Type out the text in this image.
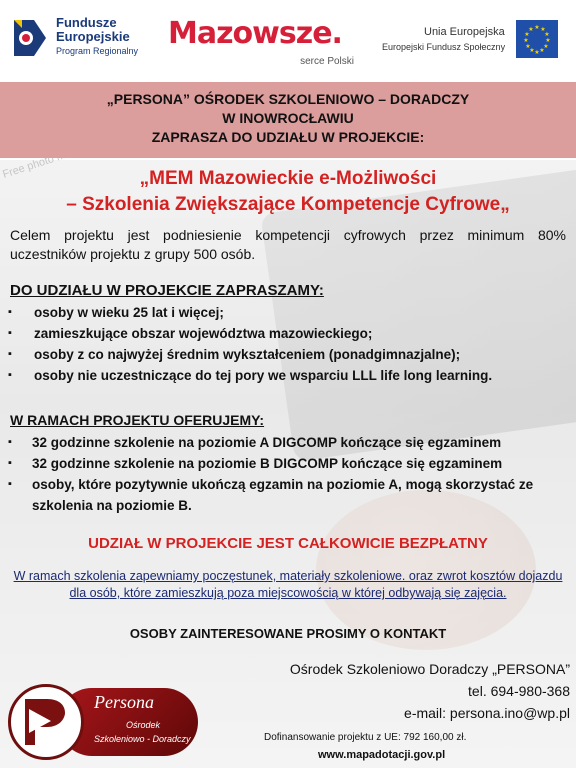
Fundusze
Europejskie
Program Regionalny Mazowsze.
serce Polski
Unia Europejska
Europejski Fundusz Społeczny
★ ★
★
★
★
★
★
★
★
★
★
★

„PERSONA” OŚRODEK SZKOLENIOWO – DORADCZY

W INOWROCŁAWIU

ZAPRASZA DO UDZIAŁU W PROJEKCIE:

„MEM Mazowieckie e-Możliwości
– Szkolenia Zwiększające Kompetencje Cyfrowe„
Celem projektu jest podniesienie kompetencji cyfrowych przez minimum 80% uczestników projektu z grupy 500 osób.
DO UDZIAŁU W PROJEKCIE ZAPRASZAMY:
▪ osoby w wieku 25 lat i więcej;
▪ zamieszkujące obszar województwa mazowieckiego;
▪ osoby z co najwyżej średnim wykształceniem (ponadgimnazjalne);
▪ osoby nie uczestniczące do tej pory we wsparciu LLL life long learning.
W RAMACH PROJEKTU OFERUJEMY:
▪ 32 godzinne szkolenie na poziomie A DIGCOMP kończące się egzaminem
▪ 32 godzinne szkolenie na poziomie B DIGCOMP kończące się egzaminem
▪ osoby, które pozytywnie ukończą egzamin na poziomie A, mogą skorzystać ze szkolenia na poziomie B.
UDZIAŁ W PROJEKCIE JEST CAŁKOWICIE BEZPŁATNY
W ramach szkolenia zapewniamy poczęstunek, materiały szkoleniowe. oraz zwrot kosztów dojazdu dla osób, które zamieszkują poza miejscowością w której odbywają się zajęcia.
OSOBY ZAINTERESOWANE PROSIMY O KONTAKT
Ośrodek Szkoleniowo Doradczy „PERSONA”
tel. 694-980-368
e-mail: persona.ino@wp.pl
Dofinansowanie projektu z UE: 792 160,00 zł.
www.mapadotacji.gov.pl
Persona
Ośrodek
Szkoleniowo - Doradczy
